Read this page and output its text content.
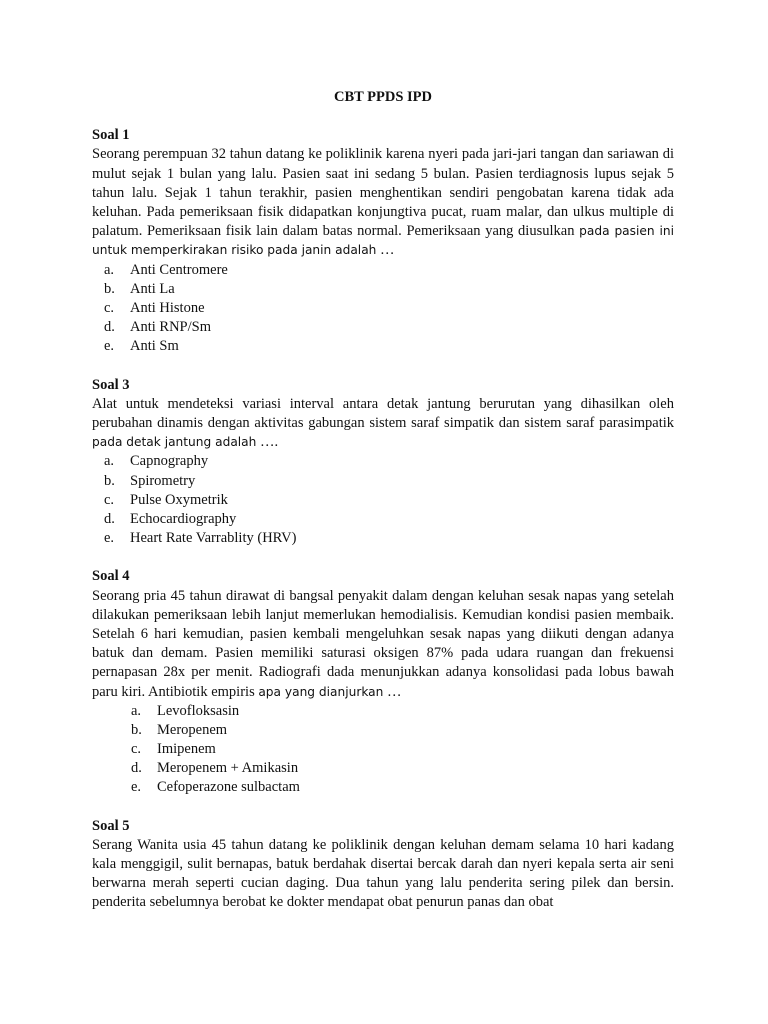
CBT PPDS IPD

Soal 1

Seorang perempuan 32 tahun datang ke poliklinik karena nyeri pada jari-jari tangan dan sariawan di mulut sejak 1 bulan yang lalu. Pasien saat ini sedang 5 bulan. Pasien terdiagnosis lupus sejak 5 tahun lalu. Sejak 1 tahun terakhir, pasien menghentikan sendiri pengobatan karena tidak ada keluhan. Pada pemeriksaan fisik didapatkan konjungtiva pucat, ruam malar, dan ulkus multiple di palatum. Pemeriksaan fisik lain dalam batas normal. Pemeriksaan yang diusulkan pada pasien ini untuk memperkirakan risiko pada janin adalah …

a.	Anti Centromere
b.	Anti La
c.	Anti Histone
d.	Anti RNP/Sm
e.	Anti Sm

Soal 3

Alat untuk mendeteksi variasi interval antara detak jantung berurutan yang dihasilkan oleh perubahan dinamis dengan aktivitas gabungan sistem saraf simpatik dan sistem saraf parasimpatik pada detak jantung adalah ….

a.	Capnography
b.	Spirometry
c.	Pulse Oxymetrik
d.	Echocardiography
e.	Heart Rate Varrablity (HRV)

Soal 4

Seorang pria 45 tahun dirawat di bangsal penyakit dalam dengan keluhan sesak napas yang setelah dilakukan pemeriksaan lebih lanjut memerlukan hemodialisis. Kemudian kondisi pasien membaik. Setelah 6 hari kemudian, pasien kembali mengeluhkan sesak napas yang diikuti dengan adanya batuk dan demam. Pasien memiliki saturasi oksigen 87% pada udara ruangan dan frekuensi pernapasan 28x per menit. Radiografi dada menunjukkan adanya konsolidasi pada lobus bawah paru kiri. Antibiotik empiris apa yang dianjurkan …

a.	Levofloksasin
b.	Meropenem
c.	Imipenem
d.	Meropenem + Amikasin
e.	Cefoperazone sulbactam

Soal 5

Serang Wanita usia 45 tahun datang ke poliklinik dengan keluhan demam selama 10 hari kadang kala menggigil, sulit bernapas, batuk berdahak disertai bercak darah dan nyeri kepala serta air seni berwarna merah seperti cucian daging. Dua tahun yang lalu penderita sering pilek dan bersin. penderita sebelumnya berobat ke dokter mendapat obat penurun panas dan obat
